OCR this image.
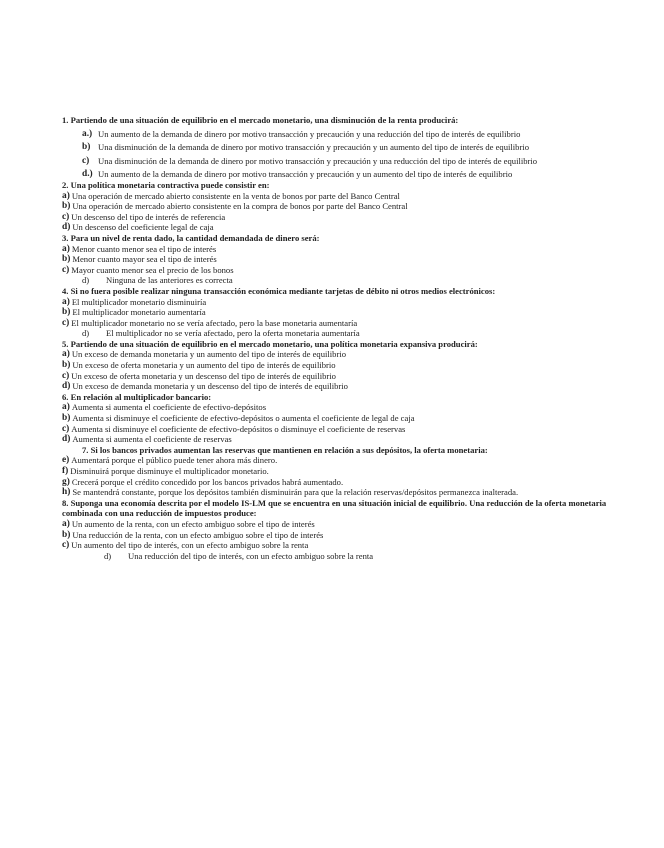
1. Partiendo de una situación de equilibrio en el mercado monetario, una disminución de la renta producirá:
a.) Un aumento de la demanda de dinero por motivo transacción y precaución y una reducción del tipo de interés de equilibrio
b) Una disminución de la demanda de dinero por motivo transacción y precaución y un aumento del tipo de interés de equilibrio
c)	Una disminución de la demanda de dinero por motivo transacción y precaución y una reducción del tipo de interés de equilibrio
d.) Un aumento de la demanda de dinero por motivo transacción y precaución y un aumento del tipo de interés de equilibrio
2. Una política monetaria contractiva puede consistir en:
a) Una operación de mercado abierto consistente en la venta de bonos por parte del Banco Central
b) Una operación de mercado abierto consistente en la compra de bonos por parte del Banco Central
c) Un descenso del tipo de interés de referencia
d) Un descenso del coeficiente legal de caja
3. Para un nivel de renta dado, la cantidad demandada de dinero será:
a) Menor cuanto menor sea el tipo de interés
b) Menor cuanto mayor sea el tipo de interés
c) Mayor cuanto menor sea el precio de los bonos
d)	Ninguna de las anteriores es correcta
4. Si no fuera posible realizar ninguna transacción económica mediante tarjetas de débito ni otros medios electrónicos:
a) El multiplicador monetario disminuiría
b) El multiplicador monetario aumentaría
c) El multiplicador monetario no se vería afectado, pero la base monetaria aumentaría
d)	El multiplicador no se vería afectado, pero la oferta monetaria aumentaría
5. Partiendo de una situación de equilibrio en el mercado monetario, una política monetaria expansiva producirá:
a) Un exceso de demanda monetaria y un aumento del tipo de interés de equilibrio
b) Un exceso de oferta monetaria y un aumento del tipo de interés de equilibrio
c) Un exceso de oferta monetaria y un descenso del tipo de interés de equilibrio
d) Un exceso de demanda monetaria y un descenso del tipo de interés de equilibrio
6. En relación al multiplicador bancario:
a) Aumenta si aumenta el coeficiente de efectivo-depósitos
b) Aumenta si disminuye el coeficiente de efectivo-depósitos o aumenta el coeficiente de legal de caja
c) Aumenta si disminuye el coeficiente de efectivo-depósitos o disminuye el coeficiente de reservas
d) Aumenta si aumenta el coeficiente de reservas
7. Si los bancos privados aumentan las reservas que mantienen en relación a sus depósitos, la oferta monetaria:
e) Aumentará porque el público puede tener ahora más dinero.
f) Disminuirá porque disminuye el multiplicador monetario.
g) Crecerá porque el crédito concedido por los bancos privados habrá aumentado.
h) Se mantendrá constante, porque los depósitos también disminuirán para que la relación reservas/depósitos permanezca inalterada.
8. Suponga una economía descrita por el modelo IS-LM que se encuentra en una situación inicial de equilibrio. Una reducción de la oferta monetaria combinada con una reducción de impuestos produce:
a) Un aumento de la renta, con un efecto ambiguo sobre el tipo de interés
b) Una reducción de la renta, con un efecto ambiguo sobre el tipo de interés
c) Un aumento del tipo de interés, con un efecto ambiguo sobre la renta
d)	Una reducción del tipo de interés, con un efecto ambiguo sobre la renta
